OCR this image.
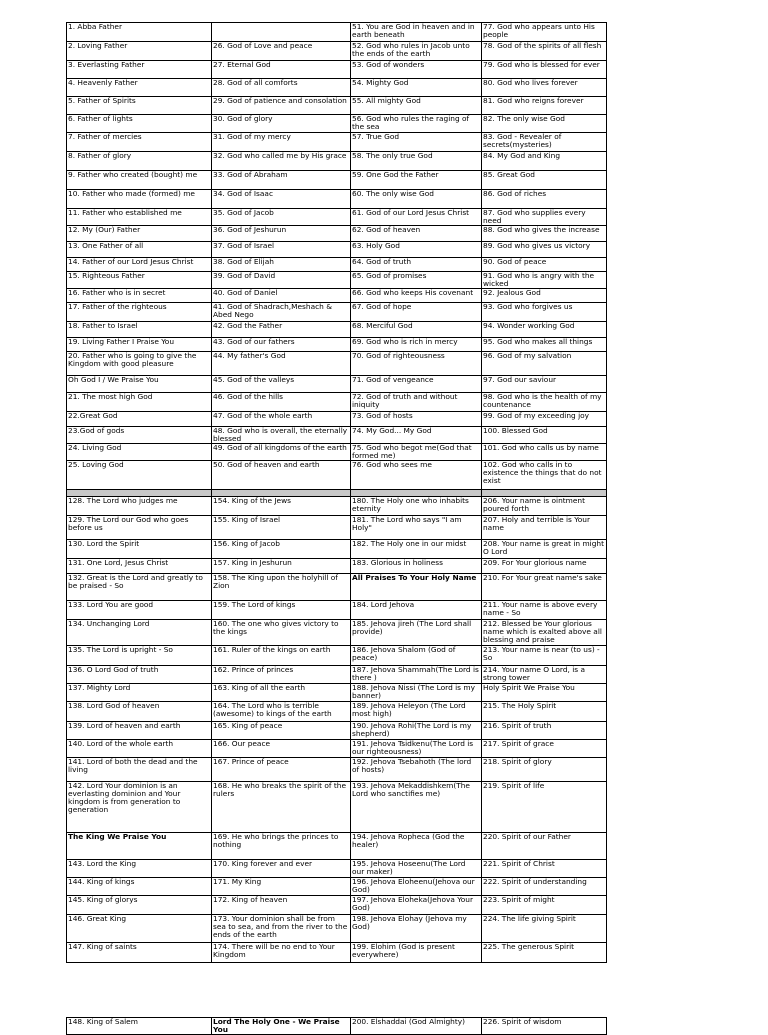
1. Abba Father		51. You are God in heaven and in earth beneath	77. God who appears unto His people
2. Loving Father	26. God of Love and peace	52. God who rules in Jacob unto the ends of the earth	78. God of the spirits of all flesh
3. Everlasting Father	27. Eternal God	53. God of wonders	79. God who is blessed for ever
4. Heavenly Father	28. God of all comforts	54. Mighty God	80. God who lives forever
5. Father of Spirits	29. God of patience and consolation	55. All mighty God	81. God who reigns forever
6. Father of lights	30. God of glory	56. God who rules the raging of the sea	82. The only wise God
7. Father of mercies	31. God of my mercy	57. True God	83. God - Revealer of secrets(mysteries)
8. Father of glory	32. God who called me by His grace	58. The only true God	84. My God and King
9. Father who created (bought) me	33. God of Abraham	59. One God the Father	85. Great God
10. Father who made (formed) me	34. God of Isaac	60. The only wise God	86. God of riches
11. Father who established me	35. God of Jacob	61. God of our Lord Jesus Christ	87. God who supplies every need
12. My (Our) Father	36. God of Jeshurun	62. God of heaven	88. God who gives the increase
13. One Father of all	37. God of Israel	63. Holy God	89. God who gives us victory
14. Father of our Lord Jesus Christ	38. God of Elijah	64. God of truth	90. God of peace
15. Righteous Father	39. God of David	65. God of promises	91. God who is angry with the wicked
16. Father who is in secret	40. God of Daniel	66. God who keeps His covenant	92. Jealous God
17. Father of the righteous	41. God of Shadrach,Meshach & Abed Nego	67. God of hope	93. God who forgives us
18. Father to Israel	42. God the Father	68. Merciful God	94. Wonder working God
19. Living Father I Praise You	43. God of our fathers	69. God who is rich in mercy	95. God who makes all things
20. Father who is going to give the Kingdom with good pleasure	44. My father's God	70. God of righteousness	96. God of my salvation
Oh God I / We Praise You	45. God of the valleys	71. God of vengeance	97. God our saviour
21. The most high God	46. God of the hills	72. God of truth and without iniquity	98. God who is the health of my countenance
22.Great God	47. God of the whole earth	73. God of hosts	99. God of my exceeding joy
23.God of gods	48. God who is overall, the eternally blessed	74. My God... My God	100. Blessed God
24. Living God	49. God of all kingdoms of the earth	75. God who begot me(God that formed me)	101. God who calls us by name
25. Loving God	50. God of heaven and earth	76. God who sees me	102. God who calls in to existence the things that do not exist

128. The Lord who judges me	154. King of the Jews	180. The Holy one who inhabits eternity	206. Your name is ointment poured forth
129. The Lord our God who goes before us	155. King of Israel	181. The Lord who says "I am Holy"	207. Holy and terrible is Your name
130. Lord the Spirit	156. King of Jacob	182. The Holy one in our midst	208. Your name is great in might O Lord
131. One Lord, Jesus Christ	157. King in Jeshurun	183. Glorious in holiness	209. For Your glorious name
132. Great is the Lord and greatly to be praised - So	158. The King upon the holyhill of Zion	All Praises To Your Holy Name	210. For Your great name's sake
133. Lord You are good	159. The Lord of kings	184. Lord Jehova	211. Your name is above every name - So
134. Unchanging Lord	160. The one who gives victory to the kings	185. Jehova jireh (The Lord shall provide)	212. Blessed be Your glorious name which is exalted above all blessing and praise
135. The Lord is upright - So	161. Ruler of the kings on earth	186. Jehova Shalom (God of peace)	213. Your name is near (to us) - So
136. O Lord God of truth	162. Prince of princes	187. Jehova Shammah(The Lord is there )	214. Your name O Lord, is a strong tower
137. Mighty Lord	163. King of all the earth	188. Jehova Nissi (The Lord is my banner)	Holy Spirit We Praise You
138. Lord God of heaven	164. The Lord who is terrible (awesome) to kings of the earth	189. Jehova Heleyon (The Lord most high)	215. The Holy Spirit
139. Lord of heaven and earth	165. King of peace	190. Jehova Rohi(The Lord is my shepherd)	216. Spirit of truth
140. Lord of the whole earth	166. Our peace	191. Jehova Tsidkenu(The Lord is our righteousness)	217. Spirit of grace
141. Lord of both the dead and the living	167. Prince of peace	192. Jehova Tsebahoth (The lord of hosts)	218. Spirit of glory
142. Lord Your dominion is an everlasting dominion and Your kingdom is from generation to generation	168. He who breaks the spirit of the rulers	193. Jehova Mekaddishkem(The Lord who sanctifies me)	219. Spirit of life
The King We Praise You	169. He who brings the princes to nothing	194. Jehova Ropheca (God the healer)	220. Spirit of our Father
143. Lord the King	170. King forever and ever	195. Jehova Hoseenu(The Lord our maker)	221. Spirit of Christ
144. King of kings	171. My King	196. Jehova Eloheenu(Jehova our God)	222. Spirit of understanding
145. King of glorys	172. King of heaven	197. Jehova Eloheka(Jehova Your God)	223. Spirit of might
146. Great King	173. Your dominion shall be from sea to sea, and from the river to the ends of the earth	198. Jehova Elohay (Jehova my God)	224. The life giving Spirit
147. King of saints	174. There will be no end to Your Kingdom	199. Elohim (God is present everywhere)	225. The generous Spirit
148. King of Salem	Lord The Holy One - We Praise You	200. Elshaddai (God Almighty)	226. Spirit of wisdom
